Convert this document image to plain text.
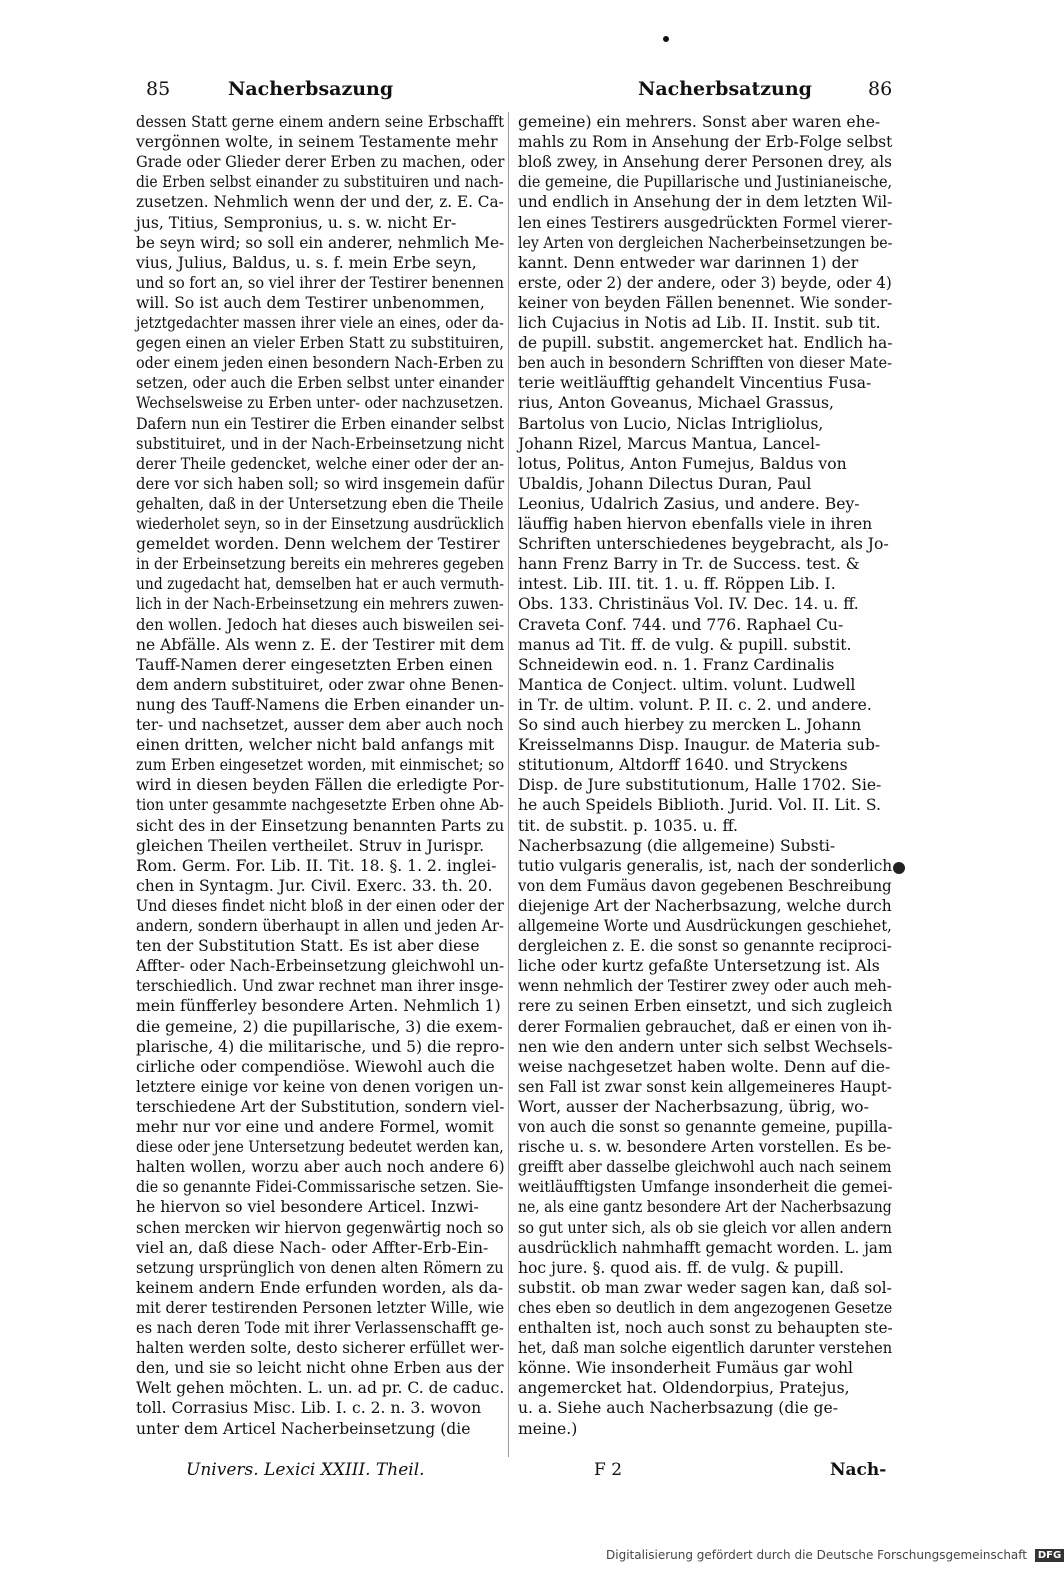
85	Nacherbsazung	Nacherbsatzung	86
dessen Statt gerne einem andern seine Erbschafft
vergönnen wolte, in seinem Testamente mehr
Grade oder Glieder derer Erben zu machen, oder
die Erben selbst einander zu substituiren und nach-
zusetzen. Nehmlich wenn der und der, z. E. Ca-
jus, Titius, Sempronius, u. s. w. nicht Er-
be seyn wird; so soll ein anderer, nehmlich Me-
vius, Julius, Baldus, u. s. f. mein Erbe seyn,
und so fort an, so viel ihrer der Testirer benennen
will. So ist auch dem Testirer unbenommen,
jetztgedachter massen ihrer viele an eines, oder da-
gegen einen an vieler Erben Statt zu substituiren,
oder einem jeden einen besondern Nach-Erben zu
setzen, oder auch die Erben selbst unter einander
Wechselsweise zu Erben unter- oder nachzusetzen.
Dafern nun ein Testirer die Erben einander selbst
substituiret, und in der Nach-Erbeinsetzung nicht
derer Theile gedencket, welche einer oder der an-
dere vor sich haben soll; so wird insgemein dafür
gehalten, daß in der Untersetzung eben die Theile
wiederholet seyn, so in der Einsetzung ausdrücklich
gemeldet worden. Denn welchem der Testirer
in der Erbeinsetzung bereits ein mehreres gegeben
und zugedacht hat, demselben hat er auch vermuth-
lich in der Nach-Erbeinsetzung ein mehrers zuwen-
den wollen. Jedoch hat dieses auch bisweilen sei-
ne Abfälle. Als wenn z. E. der Testirer mit dem
Tauff-Namen derer eingesetzten Erben einen
dem andern substituiret, oder zwar ohne Benen-
nung des Tauff-Namens die Erben einander un-
ter- und nachsetzet, ausser dem aber auch noch
einen dritten, welcher nicht bald anfangs mit
zum Erben eingesetzet worden, mit einmischet; so
wird in diesen beyden Fällen die erledigte Por-
tion unter gesammte nachgesetzte Erben ohne Ab-
sicht des in der Einsetzung benannten Parts zu
gleichen Theilen vertheilet. Struv in Jurispr.
Rom. Germ. For. Lib. II. Tit. 18. §. 1. 2. inglei-
chen in Syntagm. Jur. Civil. Exerc. 33. th. 20.
Und dieses findet nicht bloß in der einen oder der
andern, sondern überhaupt in allen und jeden Ar-
ten der Substitution Statt. Es ist aber diese
Affter- oder Nach-Erbeinsetzung gleichwohl un-
terschiedlich. Und zwar rechnet man ihrer insge-
mein fünfferley besondere Arten. Nehmlich 1)
die gemeine, 2) die pupillarische, 3) die exem-
plarische, 4) die militarische, und 5) die repro-
cirliche oder compendiöse. Wiewohl auch die
letztere einige vor keine von denen vorigen un-
terschiedene Art der Substitution, sondern viel-
mehr nur vor eine und andere Formel, womit
diese oder jene Untersetzung bedeutet werden kan,
halten wollen, worzu aber auch noch andere 6)
die so genannte Fidei-Commissarische setzen. Sie-
he hiervon so viel besondere Articel. Inzwi-
schen mercken wir hiervon gegenwärtig noch so
viel an, daß diese Nach- oder Affter-Erb-Ein-
setzung ursprünglich von denen alten Römern zu
keinem andern Ende erfunden worden, als da-
mit derer testirenden Personen letzter Wille, wie
es nach deren Tode mit ihrer Verlassenschafft ge-
halten werden solte, desto sicherer erfüllet wer-
den, und sie so leicht nicht ohne Erben aus der
Welt gehen möchten. L. un. ad pr. C. de caduc.
toll. Corrasius Misc. Lib. I. c. 2. n. 3. wovon
unter dem Articel Nacherbeinsetzung (die
gemeine) ein mehrers. Sonst aber waren ehe-
mahls zu Rom in Ansehung der Erb-Folge selbst
bloß zwey, in Ansehung derer Personen drey, als
die gemeine, die Pupillarische und Justinianeische,
und endlich in Ansehung der in dem letzten Wil-
len eines Testirers ausgedrückten Formel vierer-
ley Arten von dergleichen Nacherbeinsetzungen be-
kannt. Denn entweder war darinnen 1) der
erste, oder 2) der andere, oder 3) beyde, oder 4)
keiner von beyden Fällen benennet. Wie sonder-
lich Cujacius in Notis ad Lib. II. Instit. sub tit.
de pupill. substit. angemercket hat. Endlich ha-
ben auch in besondern Schrifften von dieser Mate-
terie weitläufftig gehandelt Vincentius Fusa-
rius, Anton Goveanus, Michael Grassus,
Bartolus von Lucio, Niclas Intrigliolus,
Johann Rizel, Marcus Mantua, Lancel-
lotus, Politus, Anton Fumejus, Baldus von
Ubaldis, Johann Dilectus Duran, Paul
Leonius, Udalrich Zasius, und andere. Bey-
läuffig haben hiervon ebenfalls viele in ihren
Schriften unterschiedenes beygebracht, als Jo-
hann Frenz Barry in Tr. de Success. test. &
intest. Lib. III. tit. 1. u. ff. Röppen Lib. I.
Obs. 133. Christinäus Vol. IV. Dec. 14. u. ff.
Craveta Conf. 744. und 776. Raphael Cu-
manus ad Tit. ff. de vulg. & pupill. substit.
Schneidewin eod. n. 1. Franz Cardinalis
Mantica de Conject. ultim. volunt. Ludwell
in Tr. de ultim. volunt. P. II. c. 2. und andere.
So sind auch hierbey zu mercken L. Johann
Kreisselmanns Disp. Inaugur. de Materia sub-
stitutionum, Altdorff 1640. und Stryckens
Disp. de Jure substitutionum, Halle 1702. Sie-
he auch Speidels Biblioth. Jurid. Vol. II. Lit. S.
tit. de substit. p. 1035. u. ff.
Nacherbsazung (die allgemeine) Substi-
tutio vulgaris generalis, ist, nach der sonderlich
von dem Fumäus davon gegebenen Beschreibung
diejenige Art der Nacherbsazung, welche durch
allgemeine Worte und Ausdrückungen geschiehet,
dergleichen z. E. die sonst so genannte reciproci-
liche oder kurtz gefaßte Untersetzung ist. Als
wenn nehmlich der Testirer zwey oder auch meh-
rere zu seinen Erben einsetzt, und sich zugleich
derer Formalien gebrauchet, daß er einen von ih-
nen wie den andern unter sich selbst Wechsels-
weise nachgesetzet haben wolte. Denn auf die-
sen Fall ist zwar sonst kein allgemeineres Haupt-
Wort, ausser der Nacherbsazung, übrig, wo-
von auch die sonst so genannte gemeine, pupilla-
rische u. s. w. besondere Arten vorstellen. Es be-
greifft aber dasselbe gleichwohl auch nach seinem
weitläufftigsten Umfange insonderheit die gemei-
ne, als eine gantz besondere Art der Nacherbsazung
so gut unter sich, als ob sie gleich vor allen andern
ausdrücklich nahmhafft gemacht worden. L. jam
hoc jure. §. quod ais. ff. de vulg. & pupill.
substit. ob man zwar weder sagen kan, daß sol-
ches eben so deutlich in dem angezogenen Gesetze
enthalten ist, noch auch sonst zu behaupten ste-
het, daß man solche eigentlich darunter verstehen
könne. Wie insonderheit Fumäus gar wohl
angemercket hat. Oldendorpius, Pratejus,
u. a. Siehe auch Nacherbsazung (die ge-
meine.)
Univers. Lexici XXIII. Theil.	F 2	Nach-
Digitalisierung gefördert durch die Deutsche Forschungsgemeinschaft DFG
